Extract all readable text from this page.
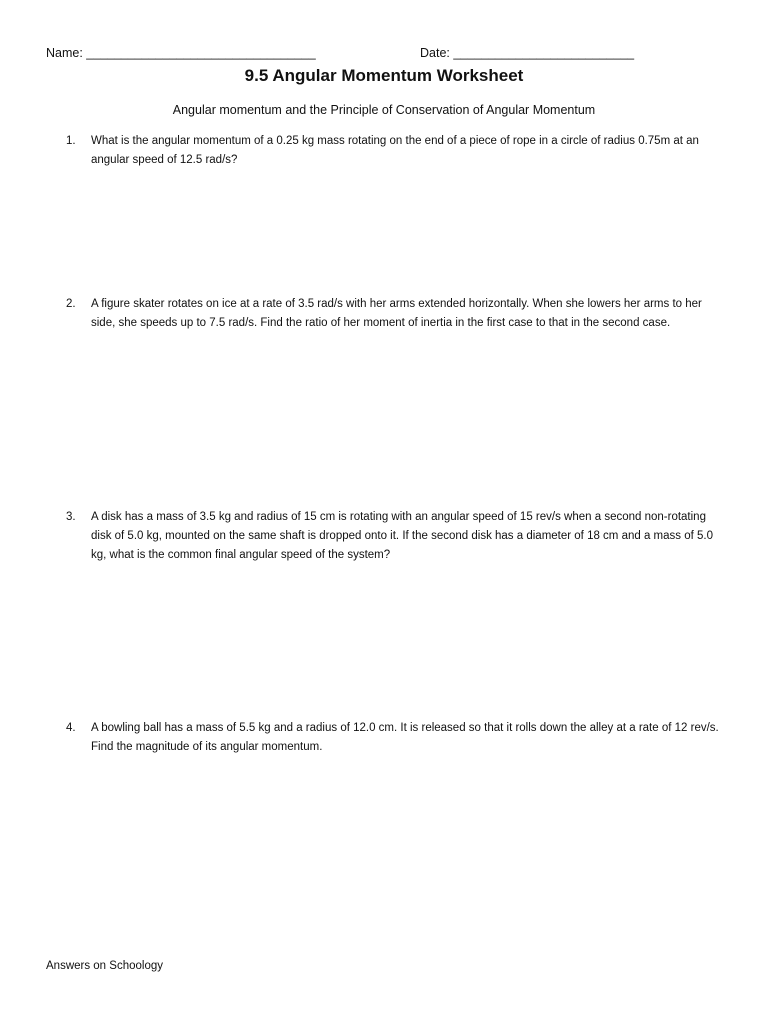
Name: _________________________________	Date: __________________________
9.5 Angular Momentum Worksheet
Angular momentum and the Principle of Conservation of Angular Momentum
1.	What is the angular momentum of a 0.25 kg mass rotating on the end of a piece of rope in a circle of radius 0.75m at an angular speed of 12.5 rad/s?
2.	A figure skater rotates on ice at a rate of 3.5 rad/s with her arms extended horizontally. When she lowers her arms to her side, she speeds up to 7.5 rad/s. Find the ratio of her moment of inertia in the first case to that in the second case.
3.	A disk has a mass of 3.5 kg and radius of 15 cm is rotating with an angular speed of 15 rev/s when a second non-rotating disk of 5.0 kg, mounted on the same shaft is dropped onto it. If the second disk has a diameter of 18 cm and a mass of 5.0 kg, what is the common final angular speed of the system?
4.	A bowling ball has a mass of 5.5 kg and a radius of 12.0 cm. It is released so that it rolls down the alley at a rate of 12 rev/s. Find the magnitude of its angular momentum.
Answers on Schoology
